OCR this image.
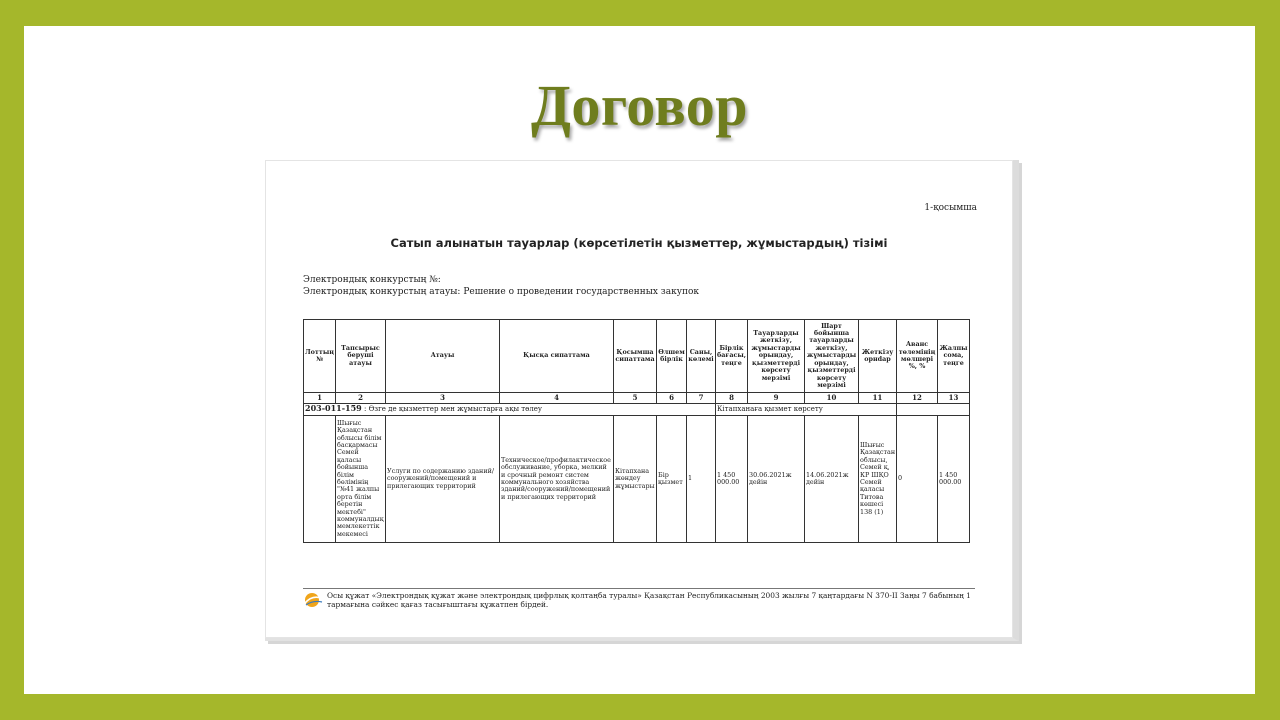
Договор
1-қосымша
Сатып алынатын тауарлар (көрсетілетін қызметтер, жұмыстардың) тізімі
Электрондық конкурстың №:
Электрондық конкурстың атауы: Решение о проведении государственных закупок
Лоттың №	Тапсырыс беруші атауы	Атауы	Қысқа сипаттама	Қосымша сипаттама	Өлшем бірлік	Саны, көлемі	Бірлік бағасы, теңге	Тауарларды жеткізу, жұмыстарды орындау, қызметтерді көрсету мерзімі	Шарт бойынша тауарларды жеткізу, жұмыстарды орындау, қызметтерді көрсету мерзімі	Жеткізу орнdар	Аванс төлемінің мөлшері %, %	Жалпы сома, теңге
1	2	3	4	5	6	7	8	9	10	11	12	13
203-011-159 : Өзге де қызметтер мен жұмыстарға ақы төлеу							Кітапханаға қызмет көрсету					
	Шығыс Қазақстан облысы білім басқармасы Семей қаласы бойынша білім бөлімінің "№41 жалпы орта білім беретін мектебі" коммуналдық мемлекеттік мекемесі	Услуги по содержанию зданий/сооружений/помещений и прилегающих территорий	Техническое/профилактическое обслуживание, уборка, мелкий и срочный ремонт систем коммунального хозяйства зданий/сооружений/помещений и прилегающих территорий	Кітапхана жөндеу жұмыстары	Бір қызмет	1	1 450 000.00	30.06.2021ж дейін	14.06.2021ж дейін	Шығыс Қазақстан облысы, Семей қ, КР ШҚО Семей қаласы Титова көшесі 138 (1)	0	1 450 000.00
Осы құжат «Электрондық құжат және электрондық цифрлық қолтаңба туралы» Қазақстан Республикасының 2003 жылғы 7 қаңтардағы N 370-II Заңы 7 бабының 1 тармағына сәйкес қағаз тасығыштағы құжатпен бірдей.
